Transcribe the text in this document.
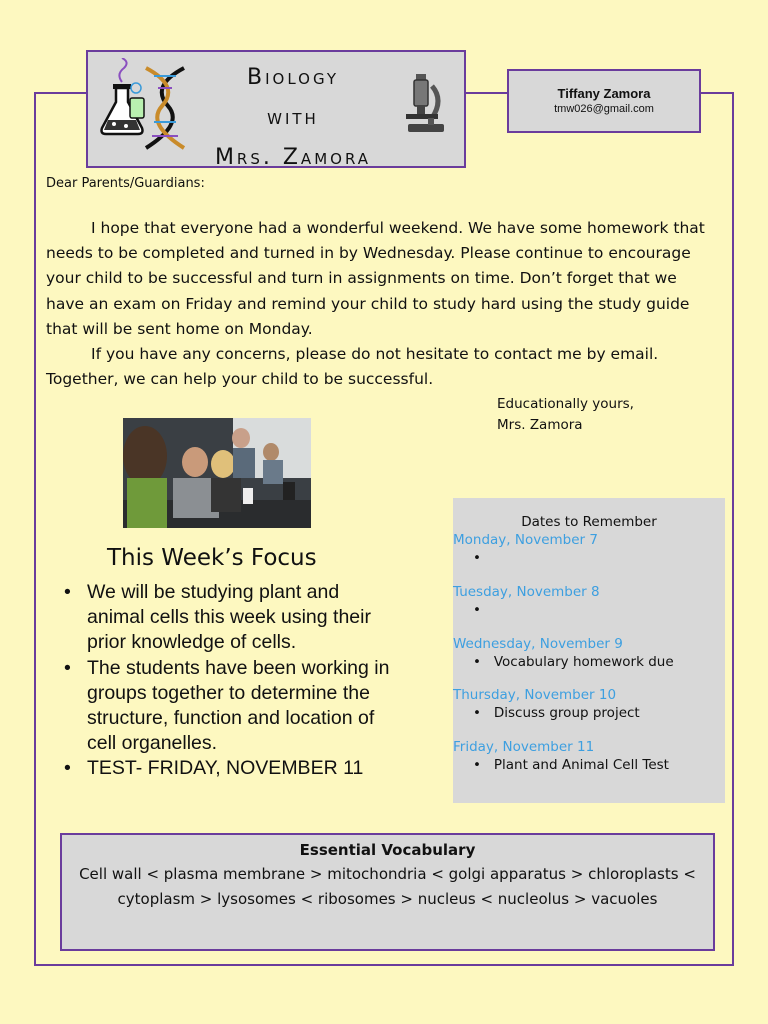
Biology
with
Mrs. Zamora
Tiffany Zamora
tmw026@gmail.com
Dear Parents/Guardians:

I hope that everyone had a wonderful weekend. We have some homework that needs to be completed and turned in by Wednesday. Please continue to encourage your child to be successful and turn in assignments on time. Don’t forget that we have an exam on Friday and remind your child to study hard using the study guide that will be sent home on Monday.

If you have any concerns, please do not hesitate to contact me by email. Together, we can help your child to be successful.

Educationally yours,
Mrs. Zamora
This Week’s Focus
• We will be studying plant and animal cells this week using their prior knowledge of cells.
• The students have been working in groups together to determine the structure, function and location of cell organelles.
• TEST- FRIDAY, NOVEMBER 11
Dates to Remember
Monday, November 7
•
Tuesday, November 8
•
Wednesday, November 9
•   Vocabulary homework due
Thursday, November 10
•   Discuss group project
Friday, November 11
•   Plant and Animal Cell Test
Essential Vocabulary
Cell wall < plasma membrane > mitochondria < golgi apparatus > chloroplasts < cytoplasm > lysosomes < ribosomes > nucleus < nucleolus > vacuoles
